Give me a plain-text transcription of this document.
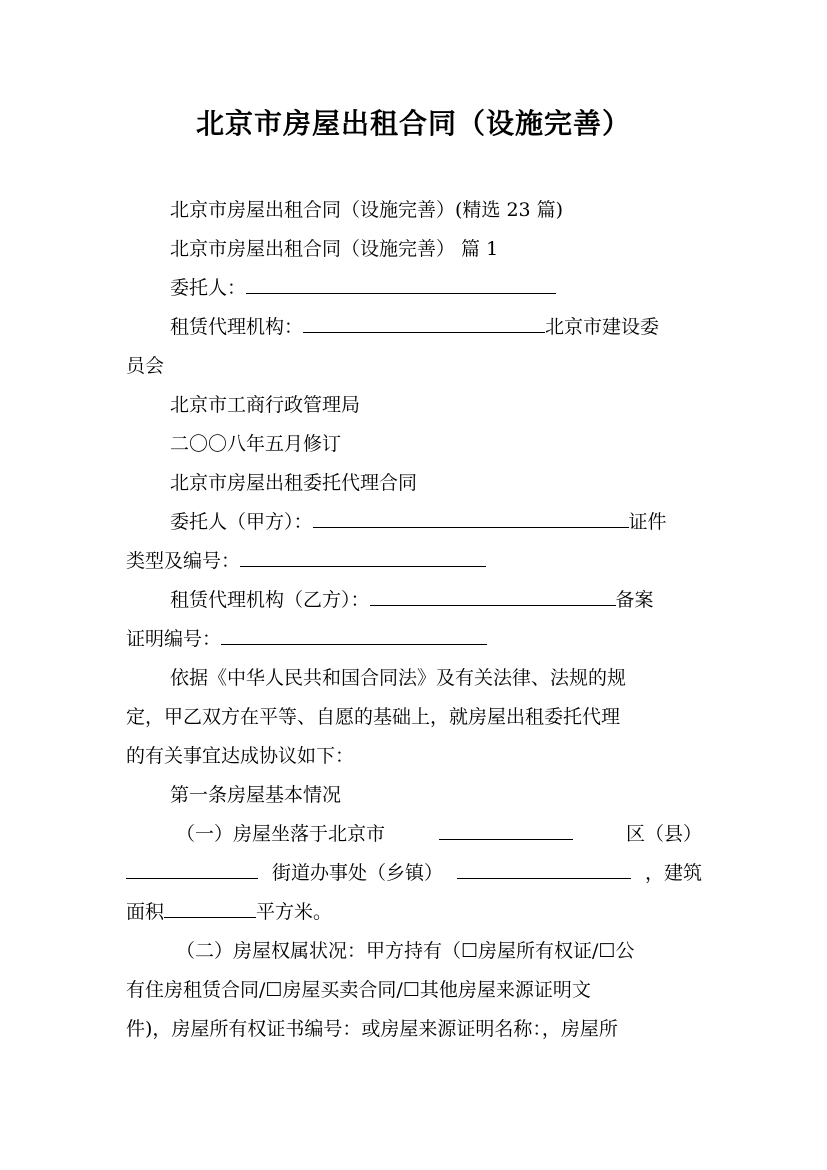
北京市房屋出租合同（设施完善）
北京市房屋出租合同（设施完善）(精选 23 篇)
北京市房屋出租合同（设施完善） 篇 1
委托人：
租赁代理机构：	北京市建设委
员会
北京市工商行政管理局
二〇〇八年五月修订
北京市房屋出租委托代理合同
委托人（甲方）：	证件
类型及编号：
租赁代理机构（乙方）：	备案
证明编号：
依据《中华人民共和国合同法》及有关法律、法规的规
定，甲乙双方在平等、自愿的基础上，就房屋出租委托代理
的有关事宜达成协议如下：
第一条房屋基本情况
（一）房屋坐落于北京市	区（县）
街道办事处（乡镇）	，建筑
面积	平方米。
（二）房屋权属状况：甲方持有（☐房屋所有权证/☐公
有住房租赁合同/☐房屋买卖合同/☐其他房屋来源证明文
件)，房屋所有权证书编号：或房屋来源证明名称：，房屋所
